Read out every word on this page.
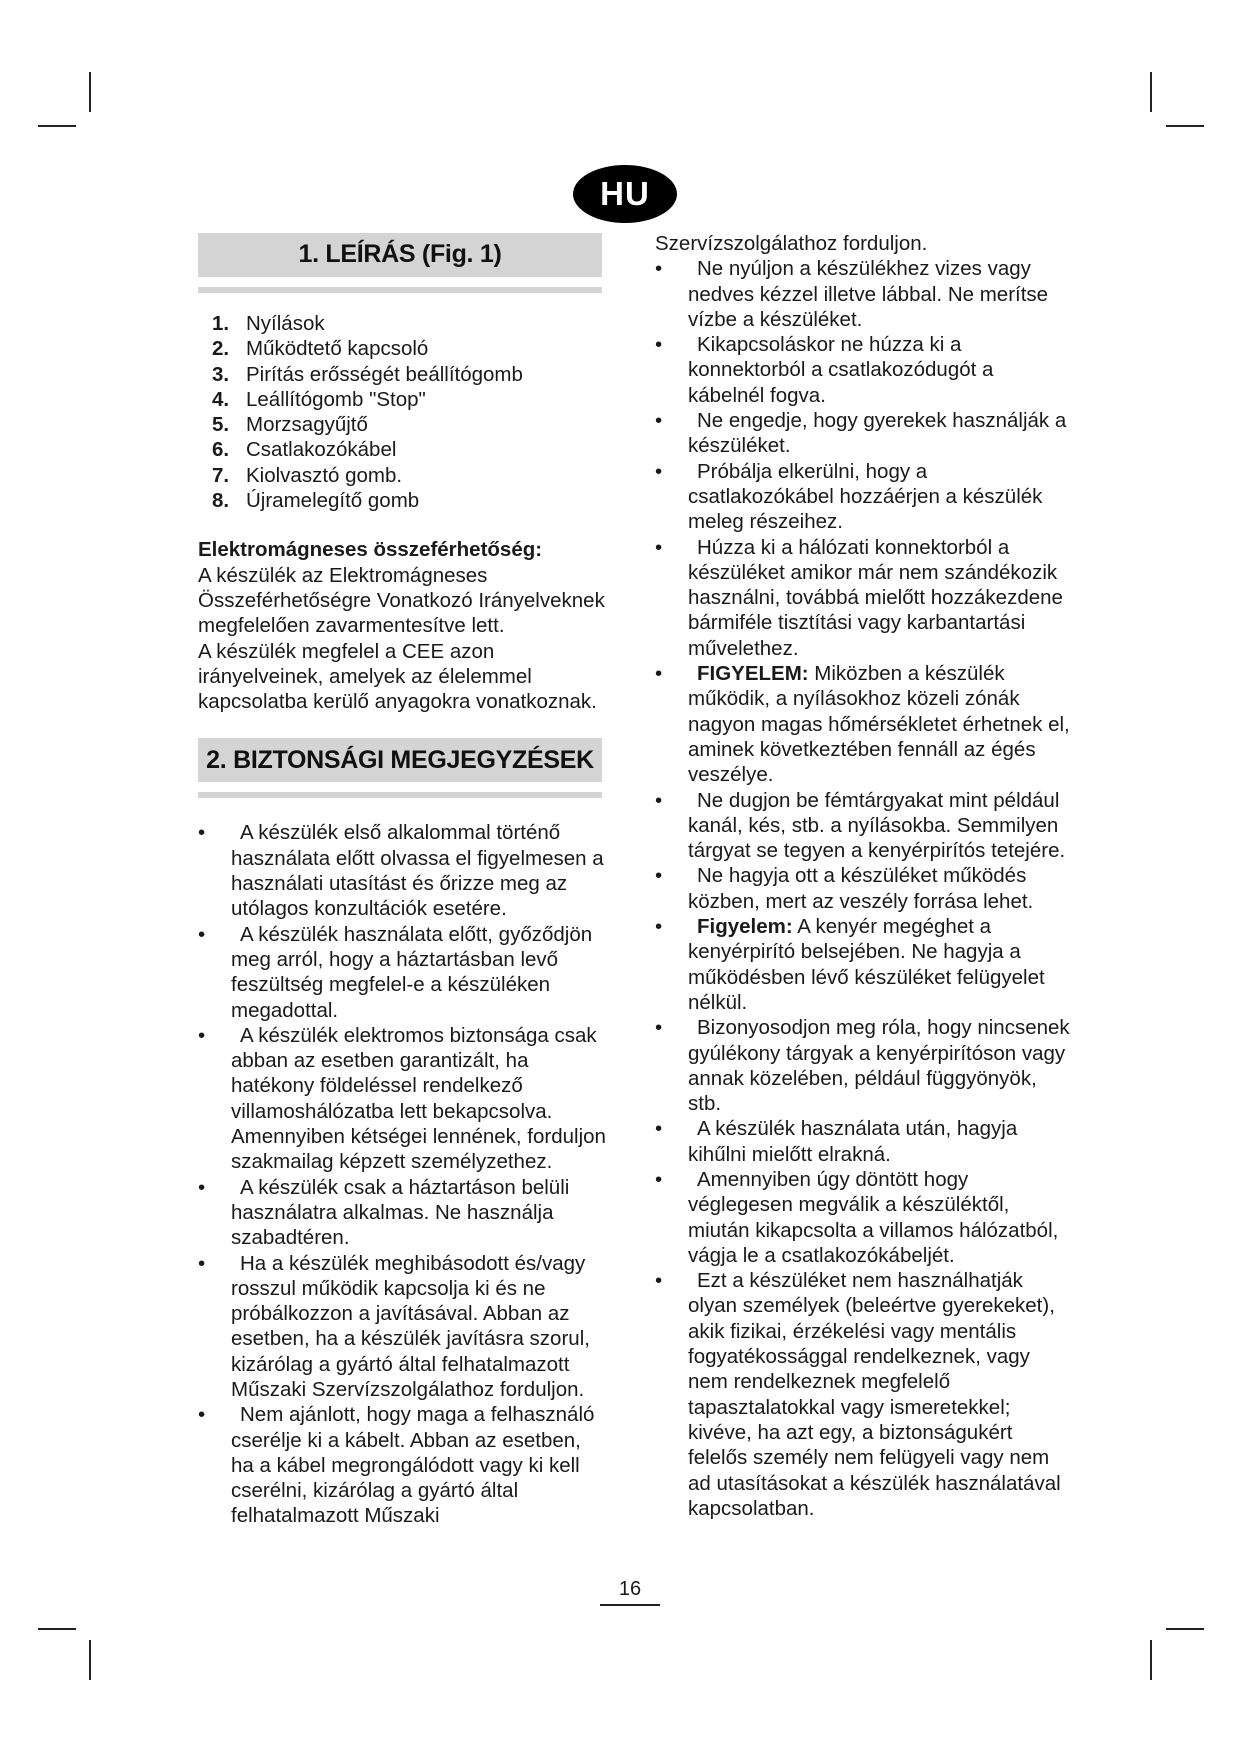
HU
1. LEÍRÁS (Fig. 1)
1. Nyílások
2. Működtető kapcsoló
3. Pirítás erősségét beállítógomb
4. Leállítógomb "Stop"
5. Morzsagyűjtő
6. Csatlakozókábel
7. Kiolvasztó gomb.
8. Újramelegítő gomb
Elektromágneses összeférhetőség:
A készülék az Elektromágneses Összeférhetőségre Vonatkozó Irányelveknek megfelelően zavarmentesítve lett.
A készülék megfelel a CEE azon irányelveinek, amelyek az élelemmel kapcsolatba kerülő anyagokra vonatkoznak.
2. BIZTONSÁGI MEGJEGYZÉSEK
•	A készülék első alkalommal történő használata előtt olvassa el figyelmesen a használati utasítást és őrizze meg az utólagos konzultációk esetére.
•	A készülék használata előtt, győződjön meg arról, hogy a háztartásban levő feszültség megfelel-e a készüléken megadottal.
•	A készülék elektromos biztonsága csak abban az esetben garantizált, ha hatékony földeléssel rendelkező villamoshálózatba lett bekapcsolva. Amennyiben kétségei lennének, forduljon szakmailag képzett személyzethez.
•	A készülék csak a háztartáson belüli használatra alkalmas. Ne használja szabadtéren.
•	Ha a készülék meghibásodott és/vagy rosszul működik kapcsolja ki és ne próbálkozzon a javításával. Abban az esetben, ha a készülék javításra szorul, kizárólag a gyártó által felhatalmazott Műszaki Szervízszolgálathoz forduljon.
•	Nem ajánlott, hogy maga a felhasználó cserélje ki a kábelt. Abban az esetben, ha a kábel megrongálódott vagy ki kell cserélni, kizárólag a gyártó által felhatalmazott Műszaki
Szervízszolgálathoz forduljon.
•	Ne nyúljon a készülékhez vizes vagy nedves kézzel illetve lábbal. Ne merítse vízbe a készüléket.
•	Kikapcsoláskor ne húzza ki a konnektorból a csatlakozódugót a kábelnél fogva.
•	Ne engedje, hogy gyerekek használják a készüléket.
•	Próbálja elkerülni, hogy a csatlakozókábel hozzáérjen a készülék meleg részeihez.
•	Húzza ki a hálózati konnektorból a készüléket amikor már nem szándékozik használni, továbbá mielőtt hozzákezdene bármiféle tisztítási vagy karbantartási művelethez.
•	FIGYELEM: Miközben a készülék működik, a nyílásokhoz közeli zónák nagyon magas hőmérsékletet érhetnek el, aminek következtében fennáll az égés veszélye.
•	Ne dugjon be fémtárgyakat mint például kanál, kés, stb. a nyílásokba. Semmilyen tárgyat se tegyen a kenyérpirítós tetejére.
•	Ne hagyja ott a készüléket működés közben, mert az veszély forrása lehet.
•	Figyelem: A kenyér megéghet a kenyérpirító belsejében. Ne hagyja a működésben lévő készüléket felügyelet nélkül.
•	Bizonyosodjon meg róla, hogy nincsenek gyúlékony tárgyak a kenyérpirítóson vagy annak közelében, például függyönyök, stb.
•	A készülék használata után, hagyja kihűlni mielőtt elrakná.
•	Amennyiben úgy döntött hogy véglegesen megválik a készüléktől, miután kikapcsolta a villamos hálózatból, vágja le a csatlakozókábeljét.
•	Ezt a készüléket nem használhatják olyan személyek (beleértve gyerekeket), akik fizikai, érzékelési vagy mentális fogyatékossággal rendelkeznek, vagy nem rendelkeznek megfelelő tapasztalatokkal vagy ismeretekkel; kivéve, ha azt egy, a biztonságukért felelős személy nem felügyeli vagy nem ad utasításokat a készülék használatával kapcsolatban.
16
